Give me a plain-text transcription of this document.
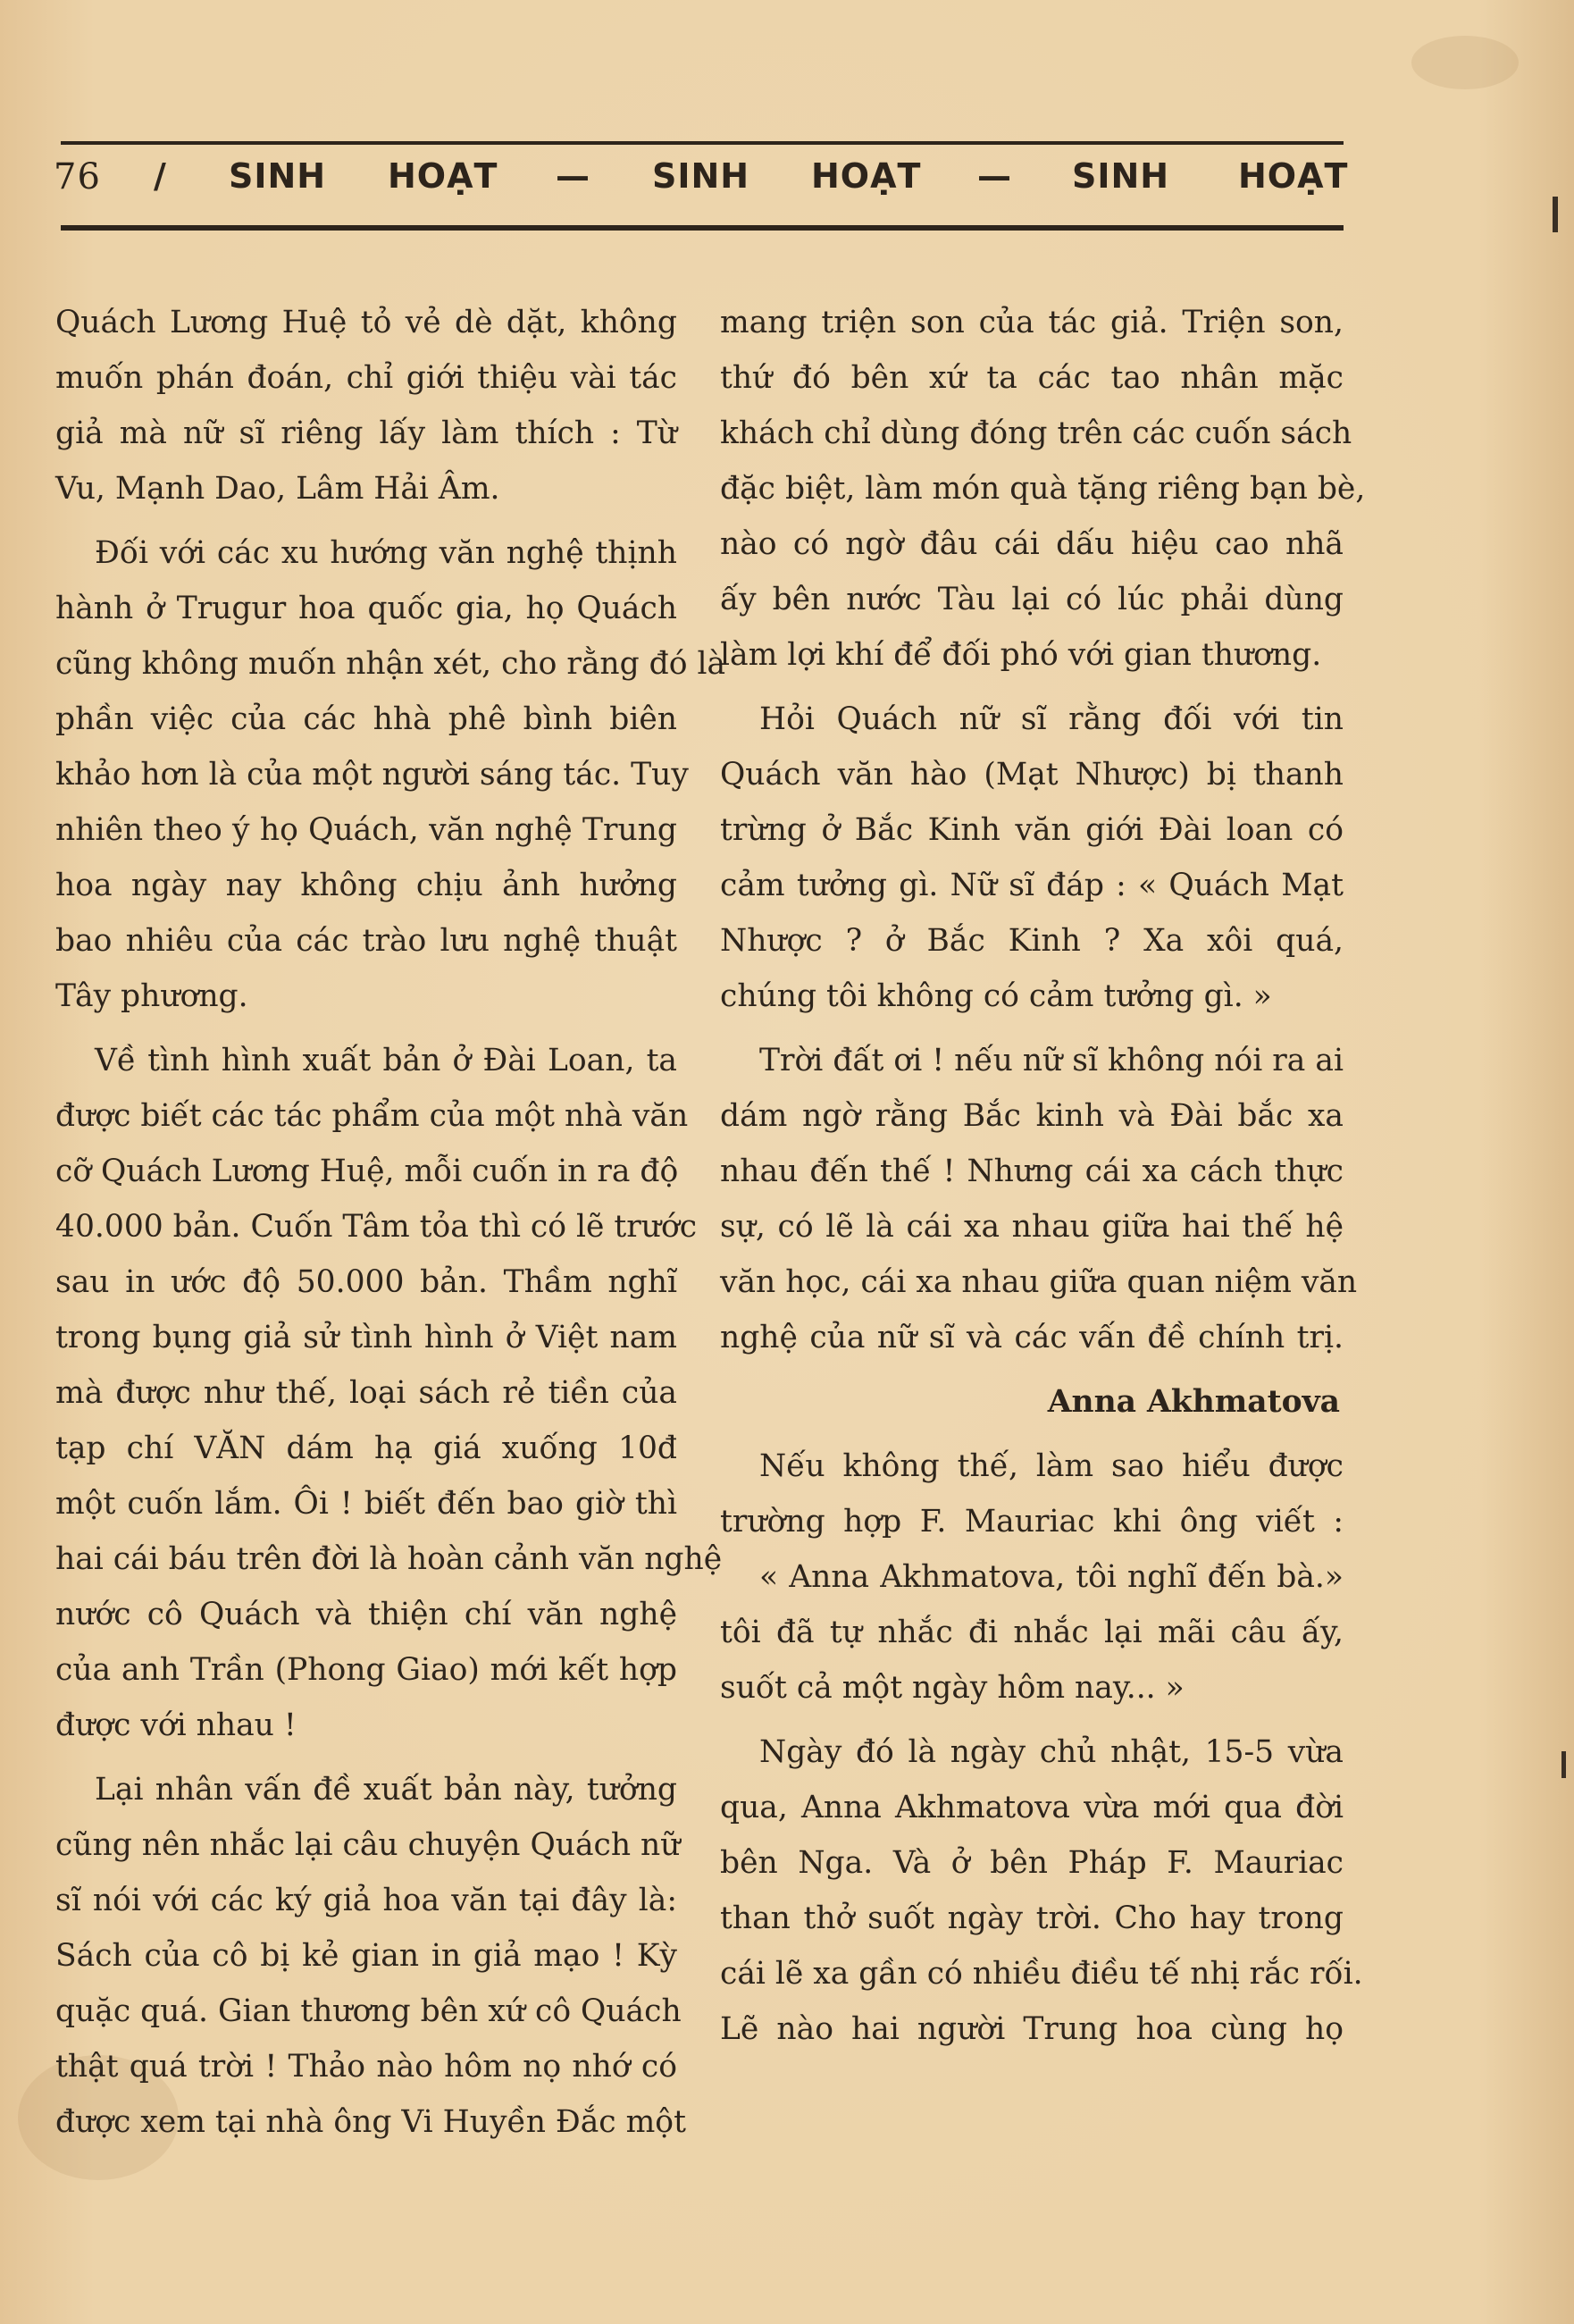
76 / SINH HOẠT — SINH HOẠT — SINH HOẠT
Quách Lương Huệ tỏ vẻ dè dặt, không
muốn phán đoán, chỉ giới thiệu vài tác
giả mà nữ sĩ riêng lấy làm thích : Từ
Vu, Mạnh Dao, Lâm Hải Âm.
Đối với các xu hướng văn nghệ thịnh
hành ở Trugur hoa quốc gia, họ Quách
cũng không muốn nhận xét, cho rằng đó là
phần việc của các hhà phê bình biên
khảo hơn là của một người sáng tác. Tuy
nhiên theo ý họ Quách, văn nghệ Trung
hoa ngày nay không chịu ảnh hưởng
bao nhiêu của các trào lưu nghệ thuật
Tây phương.
Về tình hình xuất bản ở Đài Loan, ta
được biết các tác phẩm của một nhà văn
cỡ Quách Lương Huệ, mỗi cuốn in ra độ
40.000 bản. Cuốn Tâm tỏa thì có lẽ trước
sau in ước độ 50.000 bản. Thầm nghĩ
trong bụng giả sử tình hình ở Việt nam
mà được như thế, loại sách rẻ tiền của
tạp chí VĂN dám hạ giá xuống 10đ
một cuốn lắm. Ôi ! biết đến bao giờ thì
hai cái báu trên đời là hoàn cảnh văn nghệ
nước cô Quách và thiện chí văn nghệ
của anh Trần (Phong Giao) mới kết hợp
được với nhau !
Lại nhân vấn đề xuất bản này, tưởng
cũng nên nhắc lại câu chuyện Quách nữ
sĩ nói với các ký giả hoa văn tại đây là:
Sách của cô bị kẻ gian in giả mạo ! Kỳ
quặc quá. Gian thương bên xứ cô Quách
thật quá trời ! Thảo nào hôm nọ nhớ có
được xem tại nhà ông Vi Huyền Đắc một
mang triện son của tác giả. Triện son,
thứ đó bên xứ ta các tao nhân mặc
khách chỉ dùng đóng trên các cuốn sách
đặc biệt, làm món quà tặng riêng bạn bè,
nào có ngờ đâu cái dấu hiệu cao nhã
ấy bên nước Tàu lại có lúc phải dùng
làm lợi khí để đối phó với gian thương.
Hỏi Quách nữ sĩ rằng đối với tin
Quách văn hào (Mạt Nhược) bị thanh
trừng ở Bắc Kinh văn giới Đài loan có
cảm tưởng gì. Nữ sĩ đáp : « Quách Mạt
Nhược ? ở Bắc Kinh ? Xa xôi quá,
chúng tôi không có cảm tưởng gì. »
Trời đất ơi ! nếu nữ sĩ không nói ra ai
dám ngờ rằng Bắc kinh và Đài bắc xa
nhau đến thế ! Nhưng cái xa cách thực
sự, có lẽ là cái xa nhau giữa hai thế hệ
văn học, cái xa nhau giữa quan niệm văn
nghệ của nữ sĩ và các vấn đề chính trị.
Anna Akhmatova
Nếu không thế, làm sao hiểu được
trường hợp F. Mauriac khi ông viết :
« Anna Akhmatova, tôi nghĩ đến bà.»
tôi đã tự nhắc đi nhắc lại mãi câu ấy,
suốt cả một ngày hôm nay... »
Ngày đó là ngày chủ nhật, 15-5 vừa
qua, Anna Akhmatova vừa mới qua đời
bên Nga. Và ở bên Pháp F. Mauriac
than thở suốt ngày trời. Cho hay trong
cái lẽ xa gần có nhiều điều tế nhị rắc rối.
Lẽ nào hai người Trung hoa cùng họ
